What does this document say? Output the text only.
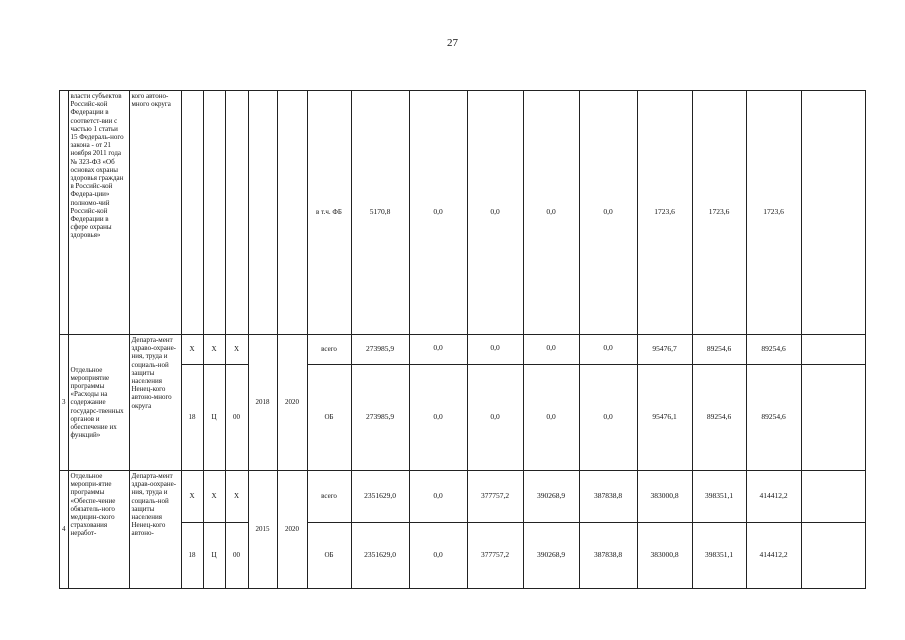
27
	власти субъектов Российс-кой Федерации в соответст-вии с частью 1 статьи 15 Федераль-ного закона - от 21 ноября 2011 года № 323-ФЗ «Об основах охраны здоровья граждан в Российс-кой Федера-ции» полномо-чий Российс-кой Федерации в сфере охраны здоровья»	кого автоно-много округа						в т.ч. ФБ	5170,8	0,0	0,0	0,0	0,0	1723,6	1723,6	1723,6	
3	Отдельное мероприятие программы «Расходы на содержание государс-твенных органов и обеспечение их функций»	Департа-мент здраво-охране-ния, труда и социаль-ной защиты населения Ненец-кого автоно-много округа	Х	Х	Х	2018	2020	всего	273985,9	0,0	0,0	0,0	0,0	95476,7	89254,6	89254,6	
			18	Ц	00			ОБ	273985,9	0,0	0,0	0,0	0,0	95476,1	89254,6	89254,6	
4	Отдельное меропри-ятие программы «Обеспе-чение обязатель-ного медицин-ского страхования неработ-	Департа-мент здрав-оохране-ния, труда и социаль-ной защиты населения Ненец-кого автоно-	Х	Х	Х	2015	2020	всего	2351629,0	0,0	377757,2	390268,9	387838,8	383000,8	398351,1	414412,2	
			18	Ц	00			ОБ	2351629,0	0,0	377757,2	390268,9	387838,8	383000,8	398351,1	414412,2	
